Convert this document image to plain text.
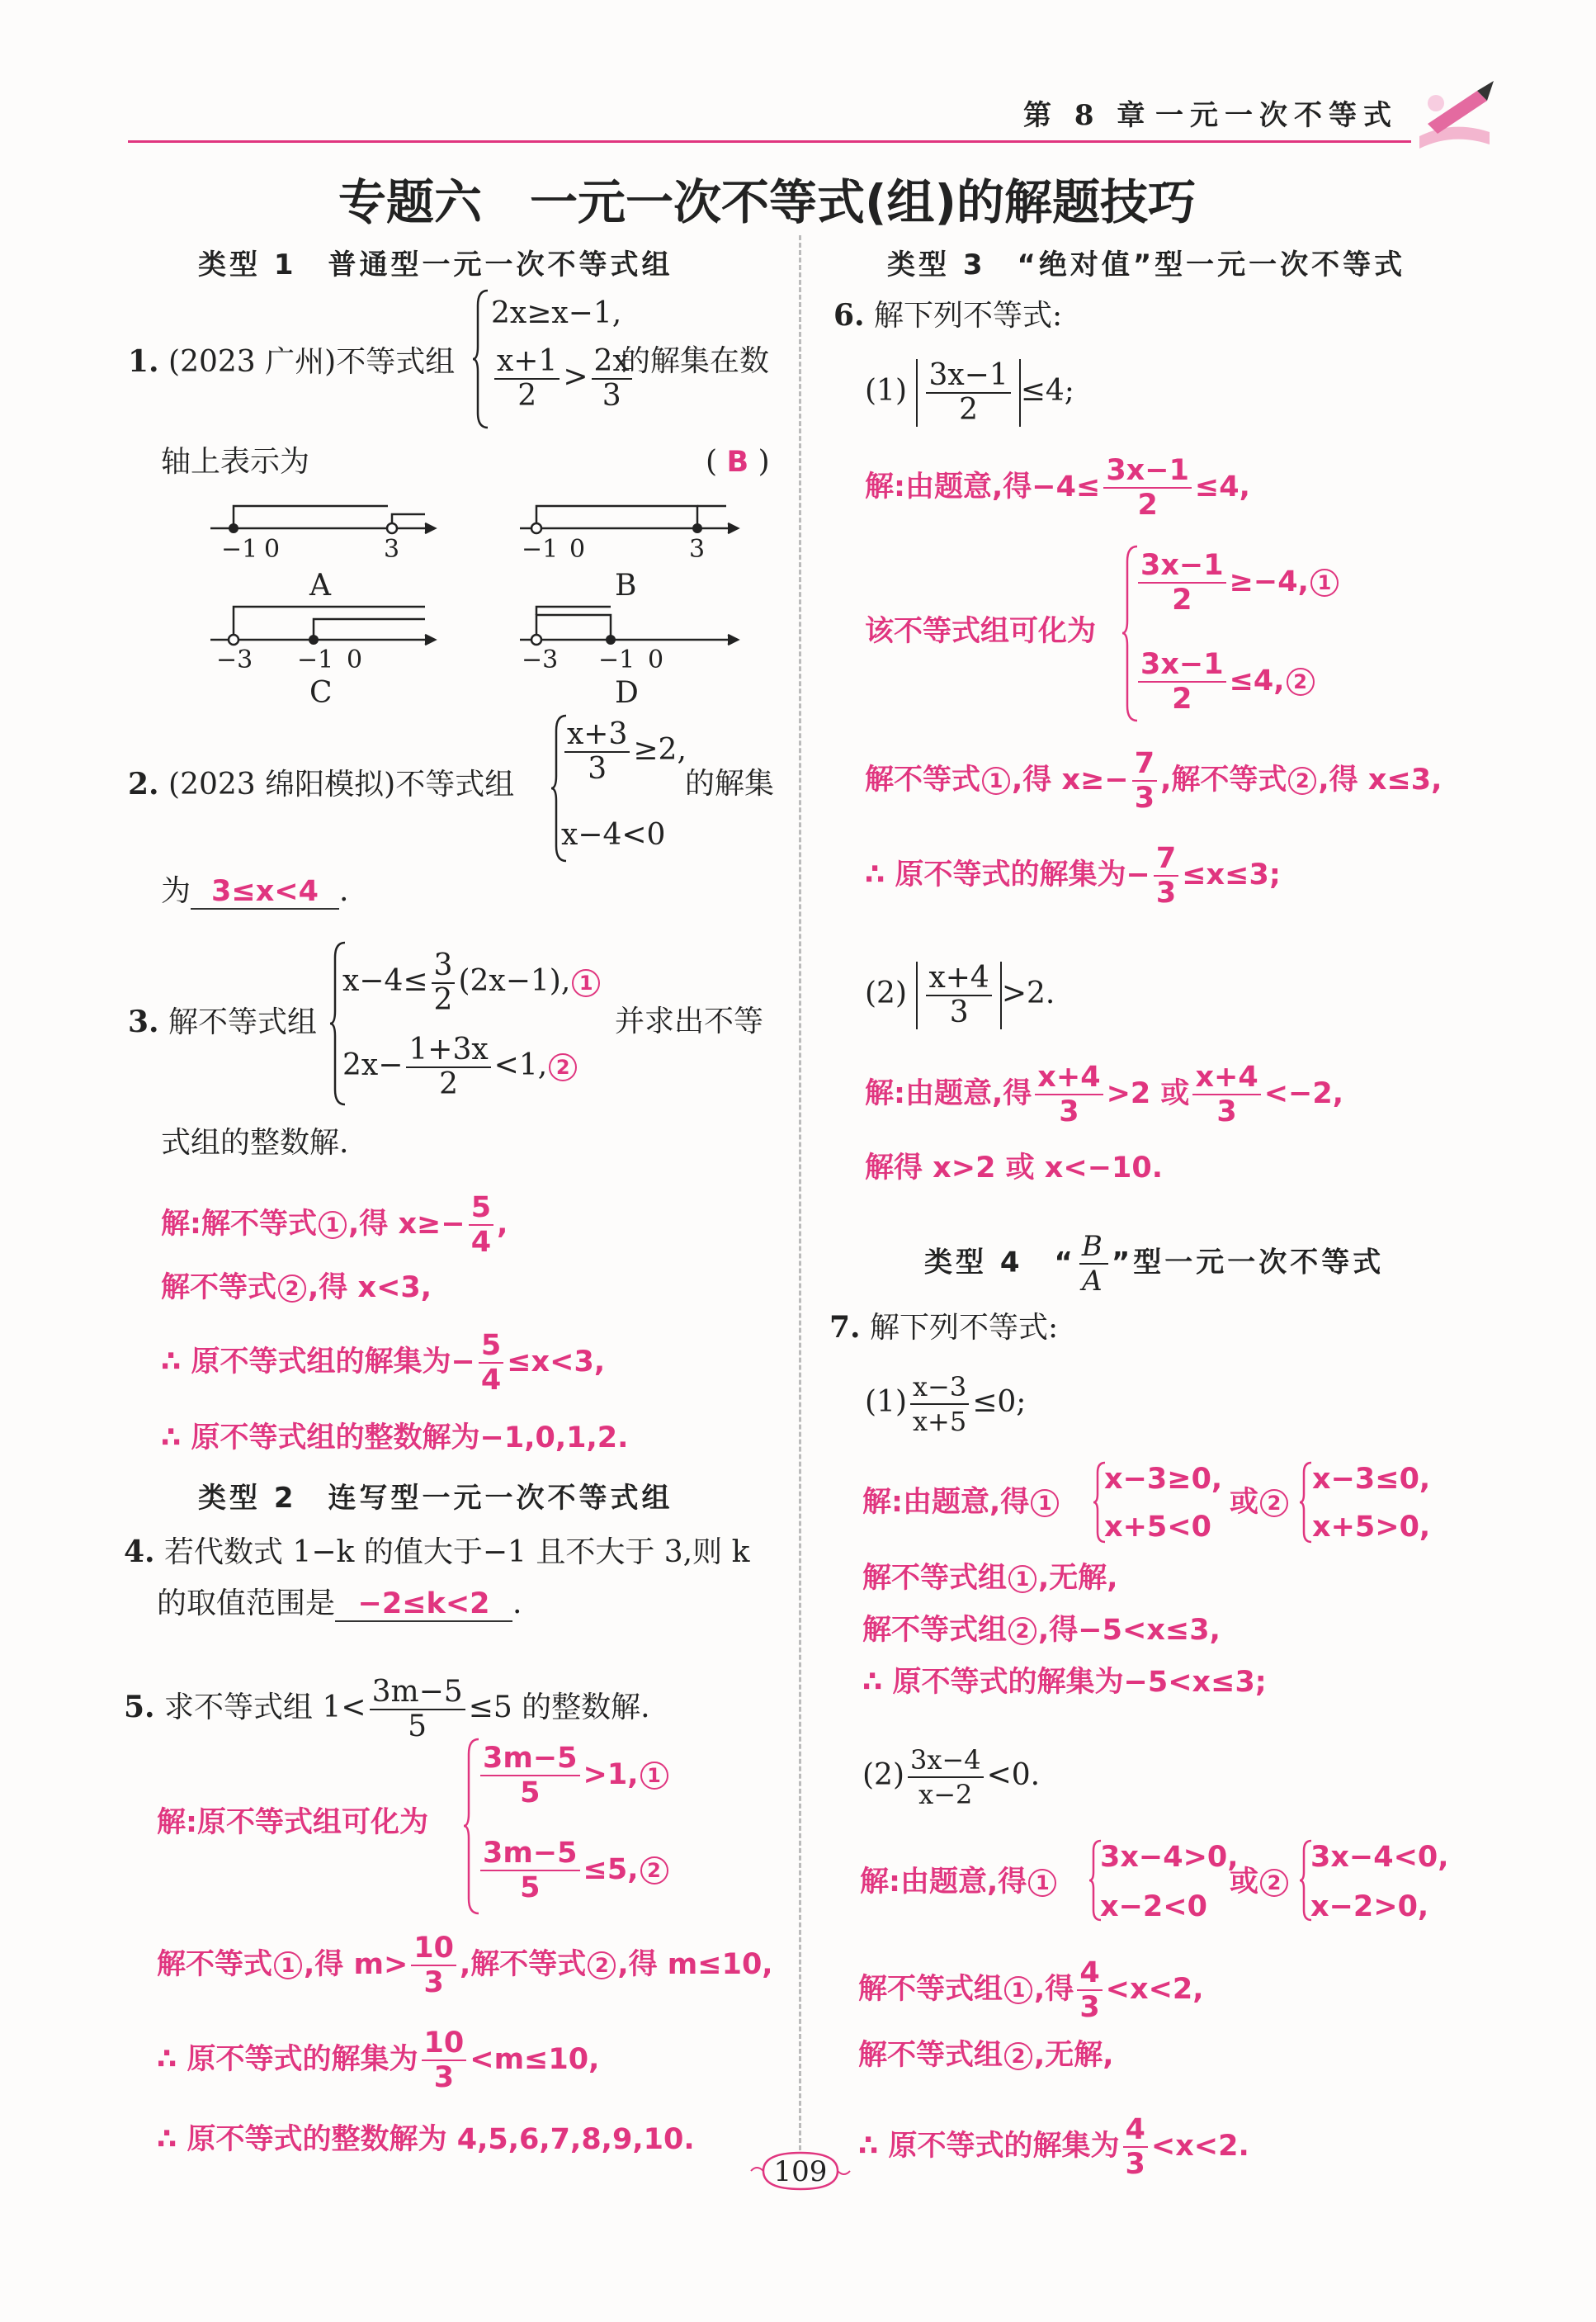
第 8 章 一元一次不等式
专题六　一元一次不等式(组)的解题技巧
类型 1　普通型一元一次不等式组
1. (2023 广州)不等式组
2x≥x−1,
$\frac{x+1}{2} > \frac{2x}{3}$
的解集在数
轴上表示为	( B )
−1 0	3	−1 0	3
A	B
−3 −1 0	−3 −1 0
C	D
2. (2023 绵阳模拟)不等式组 $\frac{x+3}{3} \ge 2$,
的解集
x−4<0
为 3≤x<4 .
3. 解不等式组
$x-4\le \frac{3}{2} (2x-1)$, 1
并求出不等
$2x- \frac{1+3x}{2} <1$, 2
式组的整数解.
解:解不等式 1 ,得 $x\ge- \frac{5}{4}$ ,
解不等式 2 ,得 x<3,
∴ 原不等式组的解集为− $\frac{5}{4} \le x<3$,
∴ 原不等式组的整数解为−1,0,1,2.
类型 2　连写型一元一次不等式组
4. 若代数式 1−k 的值大于−1 且不大于 3,则 k
的取值范围是 −2≤k<2 .
5. 求不等式组 $1< \frac{3m-5}{5} \le 5$ 的整数解.
解:原不等式组可化为
$\frac{3m-5}{5} >1$, 1
$\frac{3m-5}{5} \le 5$, 2
解不等式 1 ,得 $m> \frac{10}{3}$ ,解不等式 2 ,得 m≤10,
∴ 原不等式的解集为 $\frac{10}{3} <m\le 10$,
∴ 原不等式的整数解为 4,5,6,7,8,9,10.
类型 3　“绝对值”型一元一次不等式
6. 解下列不等式:
$(1) \frac{3x-1}{2} \le 4$;
解:由题意,得$-4\le \frac{3x-1}{2} \le 4$,
该不等式组可化为
$\frac{3x-1}{2} \ge-4$, 1
$\frac{3x-1}{2} \le 4$, 2
解不等式 1 ,得 $x\ge- \frac{7}{3}$ ,解不等式 2 ,得 x≤3,
∴ 原不等式的解集为− $\frac{7}{3} \le x\le 3$;
$(2) \frac{x+4}{3} >2$.
解:由题意,得 $\frac{x+4}{3} >2$ 或 $\frac{x+4}{3} <-2$,
解得 x>2 或 x<−10.
类型 4　“ $\frac{B}{A}$ ”型一元一次不等式
7. 解下列不等式:
$(1) \frac{x-3}{x+5} \le 0$;
解:由题意,得 1
x−3≥0,
x+5<0
或 2
x−3≤0,
x+5>0,
解不等式组 1 ,无解,
解不等式组 2 ,得−5<x≤3,
∴ 原不等式的解集为−5<x≤3;
$(2) \frac{3x-4}{x-2} <0$.
解:由题意,得 1
3x−4>0,
x−2<0
或 2
3x−4<0,
x−2>0,
解不等式组 1 ,得 $\frac{4}{3} <x<2$,
解不等式组 2 ,无解,
∴ 原不等式的解集为 $\frac{4}{3} <x<2$.
109
